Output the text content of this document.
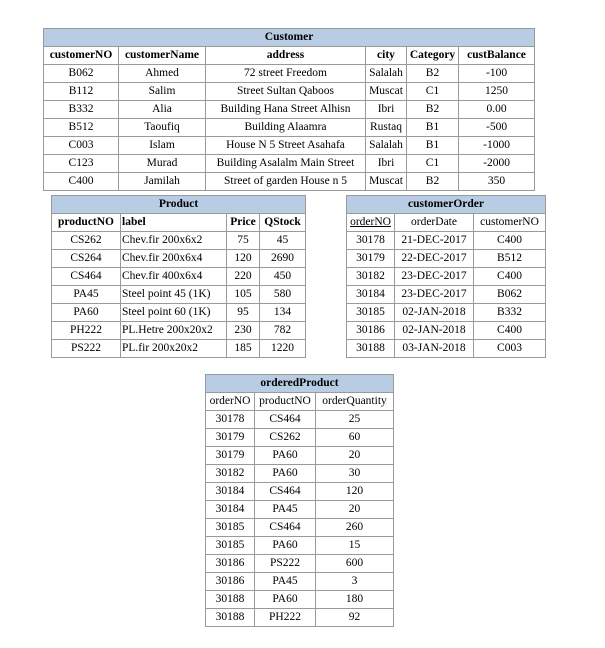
Customer					
customerNO	customerName	address	city	Category	custBalance
B062	Ahmed	72 street Freedom	Salalah	B2	-100
B112	Salim	Street Sultan Qaboos	Muscat	C1	1250
B332	Alia	Building Hana Street Alhisn	Ibri	B2	0.00
B512	Taoufiq	Building Alaamra	Rustaq	B1	-500
C003	Islam	House N 5 Street Asahafa	Salalah	B1	-1000
C123	Murad	Building Asalalm Main Street	Ibri	C1	-2000
C400	Jamilah	Street of garden House n 5	Muscat	B2	350
Product			
productNO	label	Price	QStock
CS262	Chev.fir 200x6x2	75	45
CS264	Chev.fir 200x6x4	120	2690
CS464	Chev.fir 400x6x4	220	450
PA45	Steel point 45 (1K)	105	580
PA60	Steel point 60 (1K)	95	134
PH222	PL.Hetre 200x20x2	230	782
PS222	PL.fir 200x20x2	185	1220
customerOrder		
orderNO	orderDate	customerNO
30178	21-DEC-2017	C400
30179	22-DEC-2017	B512
30182	23-DEC-2017	C400
30184	23-DEC-2017	B062
30185	02-JAN-2018	B332
30186	02-JAN-2018	C400
30188	03-JAN-2018	C003
orderedProduct		
orderNO	productNO	orderQuantity
30178	CS464	25
30179	CS262	60
30179	PA60	20
30182	PA60	30
30184	CS464	120
30184	PA45	20
30185	CS464	260
30185	PA60	15
30186	PS222	600
30186	PA45	3
30188	PA60	180
30188	PH222	92
